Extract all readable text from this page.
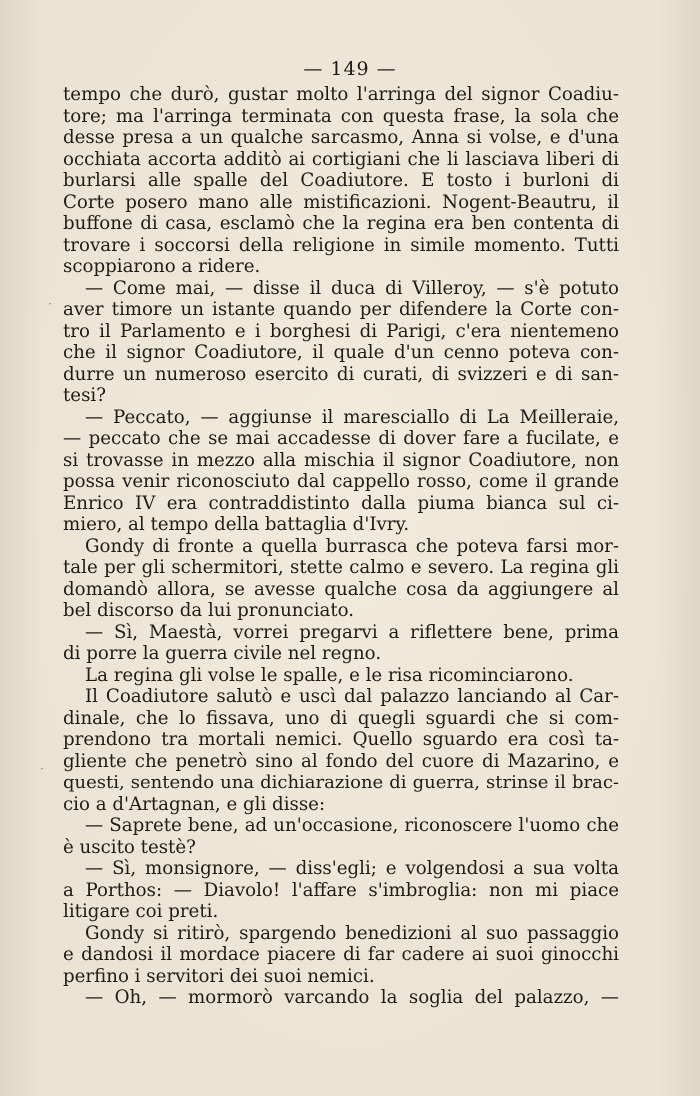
— 149 —
·
·
tempo che durò, gustar molto l'arringa del signor Coadiu-
tore; ma l'arringa terminata con questa frase, la sola che
desse presa a un qualche sarcasmo, Anna si volse, e d'una
occhiata accorta additò ai cortigiani che li lasciava liberi di
burlarsi alle spalle del Coadiutore. E tosto i burloni di
Corte posero mano alle mistificazioni. Nogent-Beautru, il
buffone di casa, esclamò che la regina era ben contenta di
trovare i soccorsi della religione in simile momento. Tutti
scoppiarono a ridere.
— Come mai, — disse il duca di Villeroy, — s'è potuto
aver timore un istante quando per difendere la Corte con-
tro il Parlamento e i borghesi di Parigi, c'era nientemeno
che il signor Coadiutore, il quale d'un cenno poteva con-
durre un numeroso esercito di curati, di svizzeri e di san-
tesi?
— Peccato, — aggiunse il maresciallo di La Meilleraie,
— peccato che se mai accadesse di dover fare a fucilate, e
si trovasse in mezzo alla mischia il signor Coadiutore, non
possa venir riconosciuto dal cappello rosso, come il grande
Enrico IV era contraddistinto dalla piuma bianca sul ci-
miero, al tempo della battaglia d'Ivry.
Gondy di fronte a quella burrasca che poteva farsi mor-
tale per gli schermitori, stette calmo e severo. La regina gli
domandò allora, se avesse qualche cosa da aggiungere al
bel discorso da lui pronunciato.
— Sì, Maestà, vorrei pregarvi a riflettere bene, prima
di porre la guerra civile nel regno.
La regina gli volse le spalle, e le risa ricominciarono.
Il Coadiutore salutò e uscì dal palazzo lanciando al Car-
dinale, che lo fissava, uno di quegli sguardi che si com-
prendono tra mortali nemici. Quello sguardo era così ta-
gliente che penetrò sino al fondo del cuore di Mazarino, e
questi, sentendo una dichiarazione di guerra, strinse il brac-
cio a d'Artagnan, e gli disse:
— Saprete bene, ad un'occasione, riconoscere l'uomo che
è uscito testè?
— Sì, monsignore, — diss'egli; e volgendosi a sua volta
a Porthos: — Diavolo! l'affare s'imbroglia: non mi piace
litigare coi preti.
Gondy si ritirò, spargendo benedizioni al suo passaggio
e dandosi il mordace piacere di far cadere ai suoi ginocchi
perfino i servitori dei suoi nemici.
— Oh, — mormorò varcando la soglia del palazzo, —
